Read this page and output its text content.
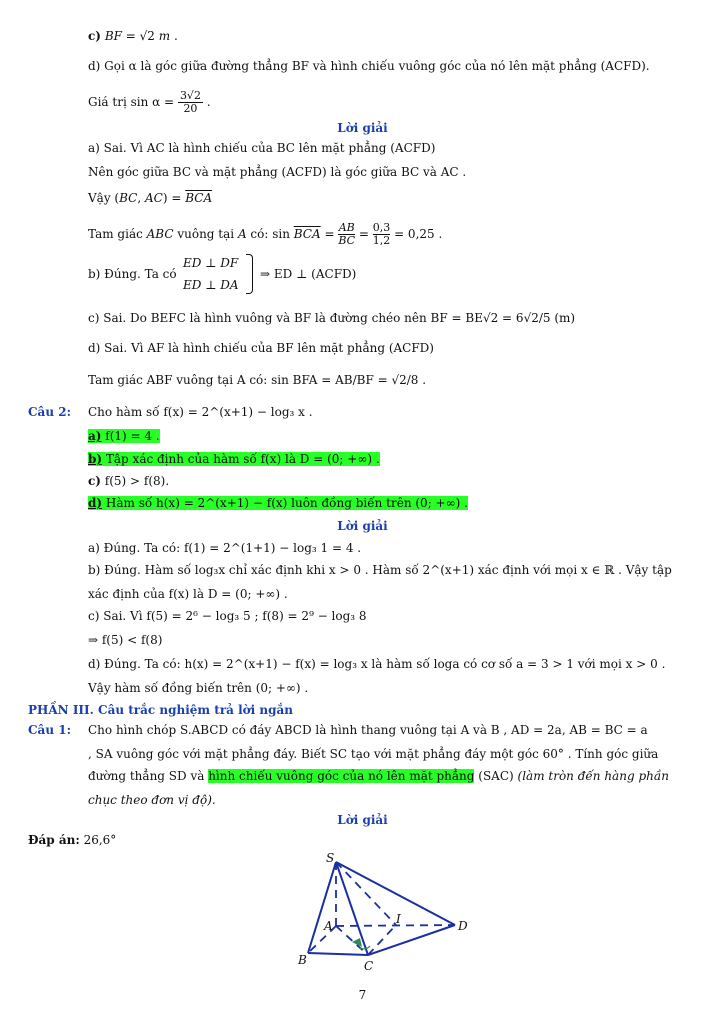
c) BF = √2 m .
d) Gọi α là góc giữa đường thẳng BF và hình chiếu vuông góc của nó lên mặt phẳng (ACFD).
Giá trị $\sin \alpha = \frac{3√2}{20}$ .
Lời giải
a) Sai. Vì AC là hình chiếu của BC lên mặt phẳng (ACFD)
Nên góc giữa BC và mặt phẳng (ACFD) là góc giữa BC và AC .
Vậy (BC, $AC) = \overline{B}\overline{CA}$
Tam giác ABC vuông tại A có: $\sin \overline{BCA} = \frac{AB}{BC} = \frac{0,3}{1,2} = 0,25$ .
b) Đúng. Ta có
ED ⊥ DF
ED ⊥ DA
⇒ ED ⊥ (ACFD)
c) Sai. Do BEFC là hình vuông và BF là đường chéo nên BF = BE√2 = 6√2/5 (m)
d) Sai. Vì AF là hình chiếu của BF lên mặt phẳng (ACFD)
Tam giác ABF vuông tại A có: sin BFA = AB/BF = √2/8 .
Câu 2: Cho hàm số f(x) = 2^(x+1) − log₃ x .
a) f(1) = 4 .
b) Tập xác định của hàm số f(x) là D = (0; +∞) .
c) f(5) > f(8).
d) Hàm số h(x) = 2^(x+1) − f(x) luôn đồng biến trên (0; +∞) .
Lời giải
a) Đúng. Ta có: f(1) = 2^(1+1) − log₃ 1 = 4 .
b) Đúng. Hàm số log₃x chỉ xác định khi x > 0 . Hàm số 2^(x+1) xác định với mọi x ∈ ℝ . Vậy tập
xác định của f(x) là D = (0; +∞) .
c) Sai. Vì f(5) = 2⁶ − log₃ 5 ; f(8) = 2⁹ − log₃ 8
⇒ f(5) < f(8)
d) Đúng. Ta có: h(x) = 2^(x+1) − f(x) = log₃ x là hàm số loga có cơ số a = 3 > 1 với mọi x > 0 .
Vậy hàm số đồng biến trên (0; +∞) .
PHẦN III. Câu trắc nghiệm trả lời ngắn
Câu 1: Cho hình chóp S.ABCD có đáy ABCD là hình thang vuông tại A và B , AD = 2a, AB = BC = a
, SA vuông góc với mặt phẳng đáy. Biết SC tạo với mặt phẳng đáy một góc 60° . Tính góc giữa
đường thẳng SD và hình chiếu vuông góc của nó lên mặt phẳng (SAC) (làm tròn đến hàng phần
chục theo đơn vị độ).
Lời giải
Đáp án: 26,6°
S
A	I	D
B	C
7
